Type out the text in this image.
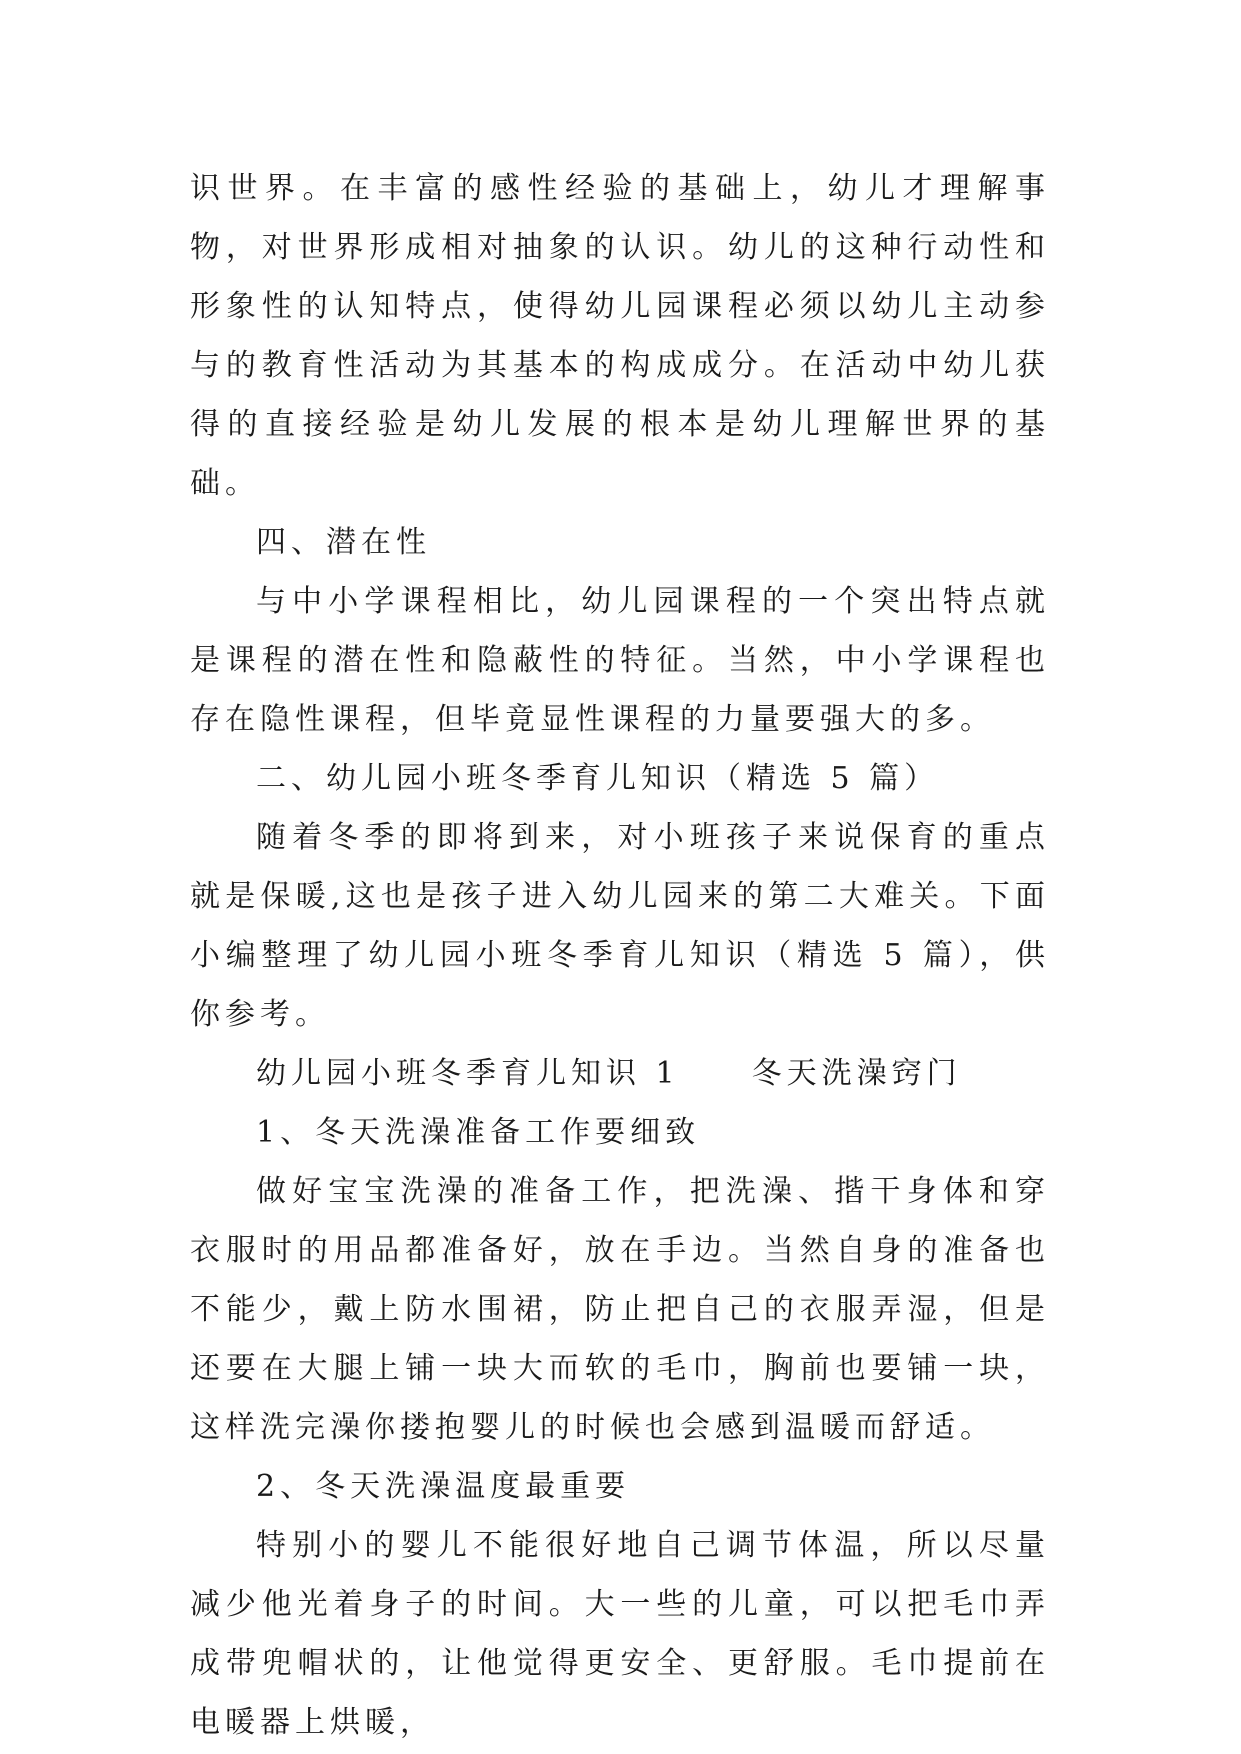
识世界。在丰富的感性经验的基础上，幼儿才理解事物，对世界形成相对抽象的认识。幼儿的这种行动性和形象性的认知特点，使得幼儿园课程必须以幼儿主动参与的教育性活动为其基本的构成成分。在活动中幼儿获得的直接经验是幼儿发展的根本是幼儿理解世界的基础。

四、潜在性

与中小学课程相比，幼儿园课程的一个突出特点就是课程的潜在性和隐蔽性的特征。当然，中小学课程也存在隐性课程，但毕竟显性课程的力量要强大的多。

二、幼儿园小班冬季育儿知识（精选 5 篇）

随着冬季的即将到来，对小班孩子来说保育的重点就是保暖,这也是孩子进入幼儿园来的第二大难关。下面小编整理了幼儿园小班冬季育儿知识（精选 5 篇），供你参考。

幼儿园小班冬季育儿知识 1 冬天洗澡窍门

1、冬天洗澡准备工作要细致

做好宝宝洗澡的准备工作，把洗澡、揩干身体和穿衣服时的用品都准备好，放在手边。当然自身的准备也不能少，戴上防水围裙，防止把自己的衣服弄湿，但是还要在大腿上铺一块大而软的毛巾，胸前也要铺一块，这样洗完澡你搂抱婴儿的时候也会感到温暖而舒适。

2、冬天洗澡温度最重要

特别小的婴儿不能很好地自己调节体温，所以尽量减少他光着身子的时间。大一些的儿童，可以把毛巾弄成带兜帽状的，让他觉得更安全、更舒服。毛巾提前在电暖器上烘暖，
